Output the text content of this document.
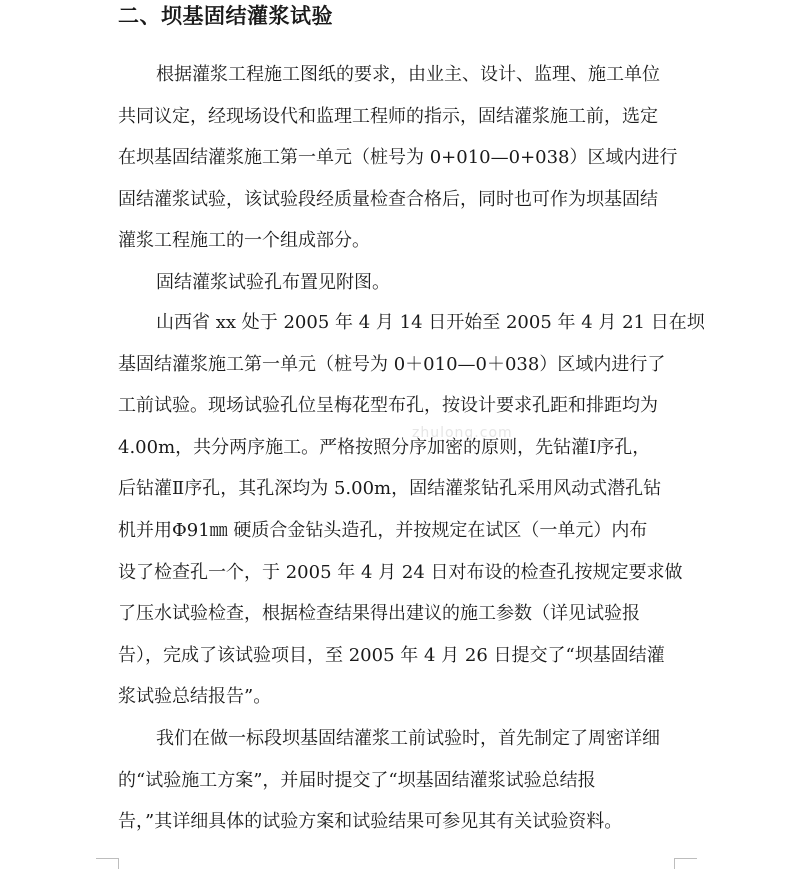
二、坝基固结灌浆试验
zhulong.com
根据灌浆工程施工图纸的要求，由业主、设计、监理、施工单位
共同议定，经现场设代和监理工程师的指示，固结灌浆施工前，选定
在坝基固结灌浆施工第一单元（桩号为 0+010—0+038）区域内进行
固结灌浆试验，该试验段经质量检查合格后，同时也可作为坝基固结
灌浆工程施工的一个组成部分。
固结灌浆试验孔布置见附图。
山西省 xx 处于 2005 年 4 月 14 日开始至 2005 年 4 月 21 日在坝
基固结灌浆施工第一单元（桩号为 0＋010—0＋038）区域内进行了
工前试验。现场试验孔位呈梅花型布孔，按设计要求孔距和排距均为
4.00m，共分两序施工。严格按照分序加密的原则，先钻灌Ⅰ序孔，
后钻灌Ⅱ序孔，其孔深均为 5.00m，固结灌浆钻孔采用风动式潜孔钻
机并用Φ91㎜ 硬质合金钻头造孔，并按规定在试区（一单元）内布
设了检查孔一个，于 2005 年 4 月 24 日对布设的检查孔按规定要求做
了压水试验检查，根据检查结果得出建议的施工参数（详见试验报
告），完成了该试验项目，至 2005 年 4 月 26 日提交了“坝基固结灌
浆试验总结报告”。
我们在做一标段坝基固结灌浆工前试验时，首先制定了周密详细
的“试验施工方案”，并届时提交了“坝基固结灌浆试验总结报
告，”其详细具体的试验方案和试验结果可参见其有关试验资料。
